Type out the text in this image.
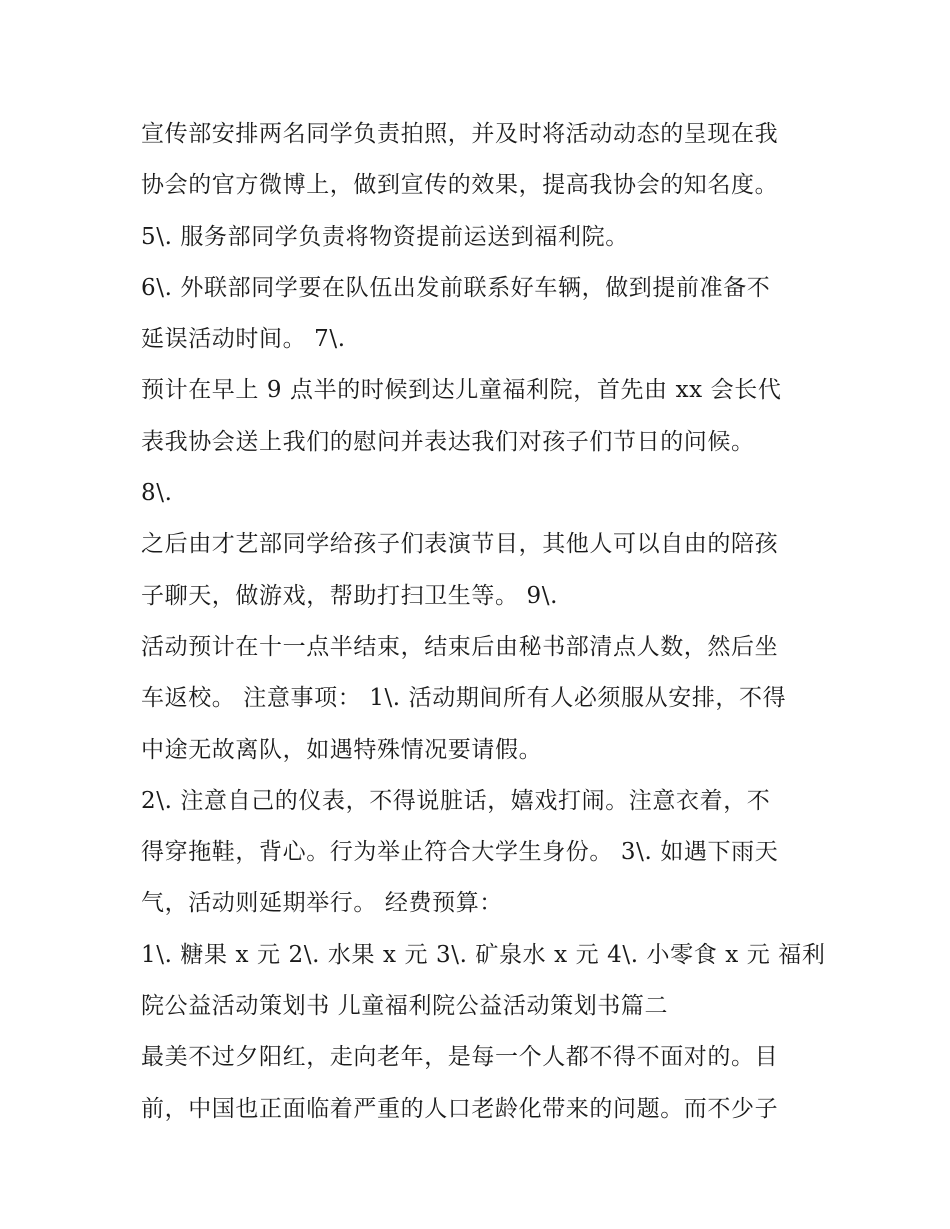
宣传部安排两名同学负责拍照，并及时将活动动态的呈现在我
协会的官方微博上，做到宣传的效果，提高我协会的知名度。
5\. 服务部同学负责将物资提前运送到福利院。
6\. 外联部同学要在队伍出发前联系好车辆，做到提前准备不
延误活动时间。 7\.
预计在早上 9 点半的时候到达儿童福利院，首先由 xx 会长代
表我协会送上我们的慰问并表达我们对孩子们节日的问候。
8\.
之后由才艺部同学给孩子们表演节目，其他人可以自由的陪孩
子聊天，做游戏，帮助打扫卫生等。 9\.
活动预计在十一点半结束，结束后由秘书部清点人数，然后坐
车返校。 注意事项： 1\. 活动期间所有人必须服从安排，不得
中途无故离队，如遇特殊情况要请假。
2\. 注意自己的仪表，不得说脏话，嬉戏打闹。注意衣着，不
得穿拖鞋，背心。行为举止符合大学生身份。 3\. 如遇下雨天
气，活动则延期举行。 经费预算：
1\. 糖果 x 元 2\. 水果 x 元 3\. 矿泉水 x 元 4\. 小零食 x 元 福利
院公益活动策划书 儿童福利院公益活动策划书篇二
最美不过夕阳红，走向老年，是每一个人都不得不面对的。目
前，中国也正面临着严重的人口老龄化带来的问题。而不少子
